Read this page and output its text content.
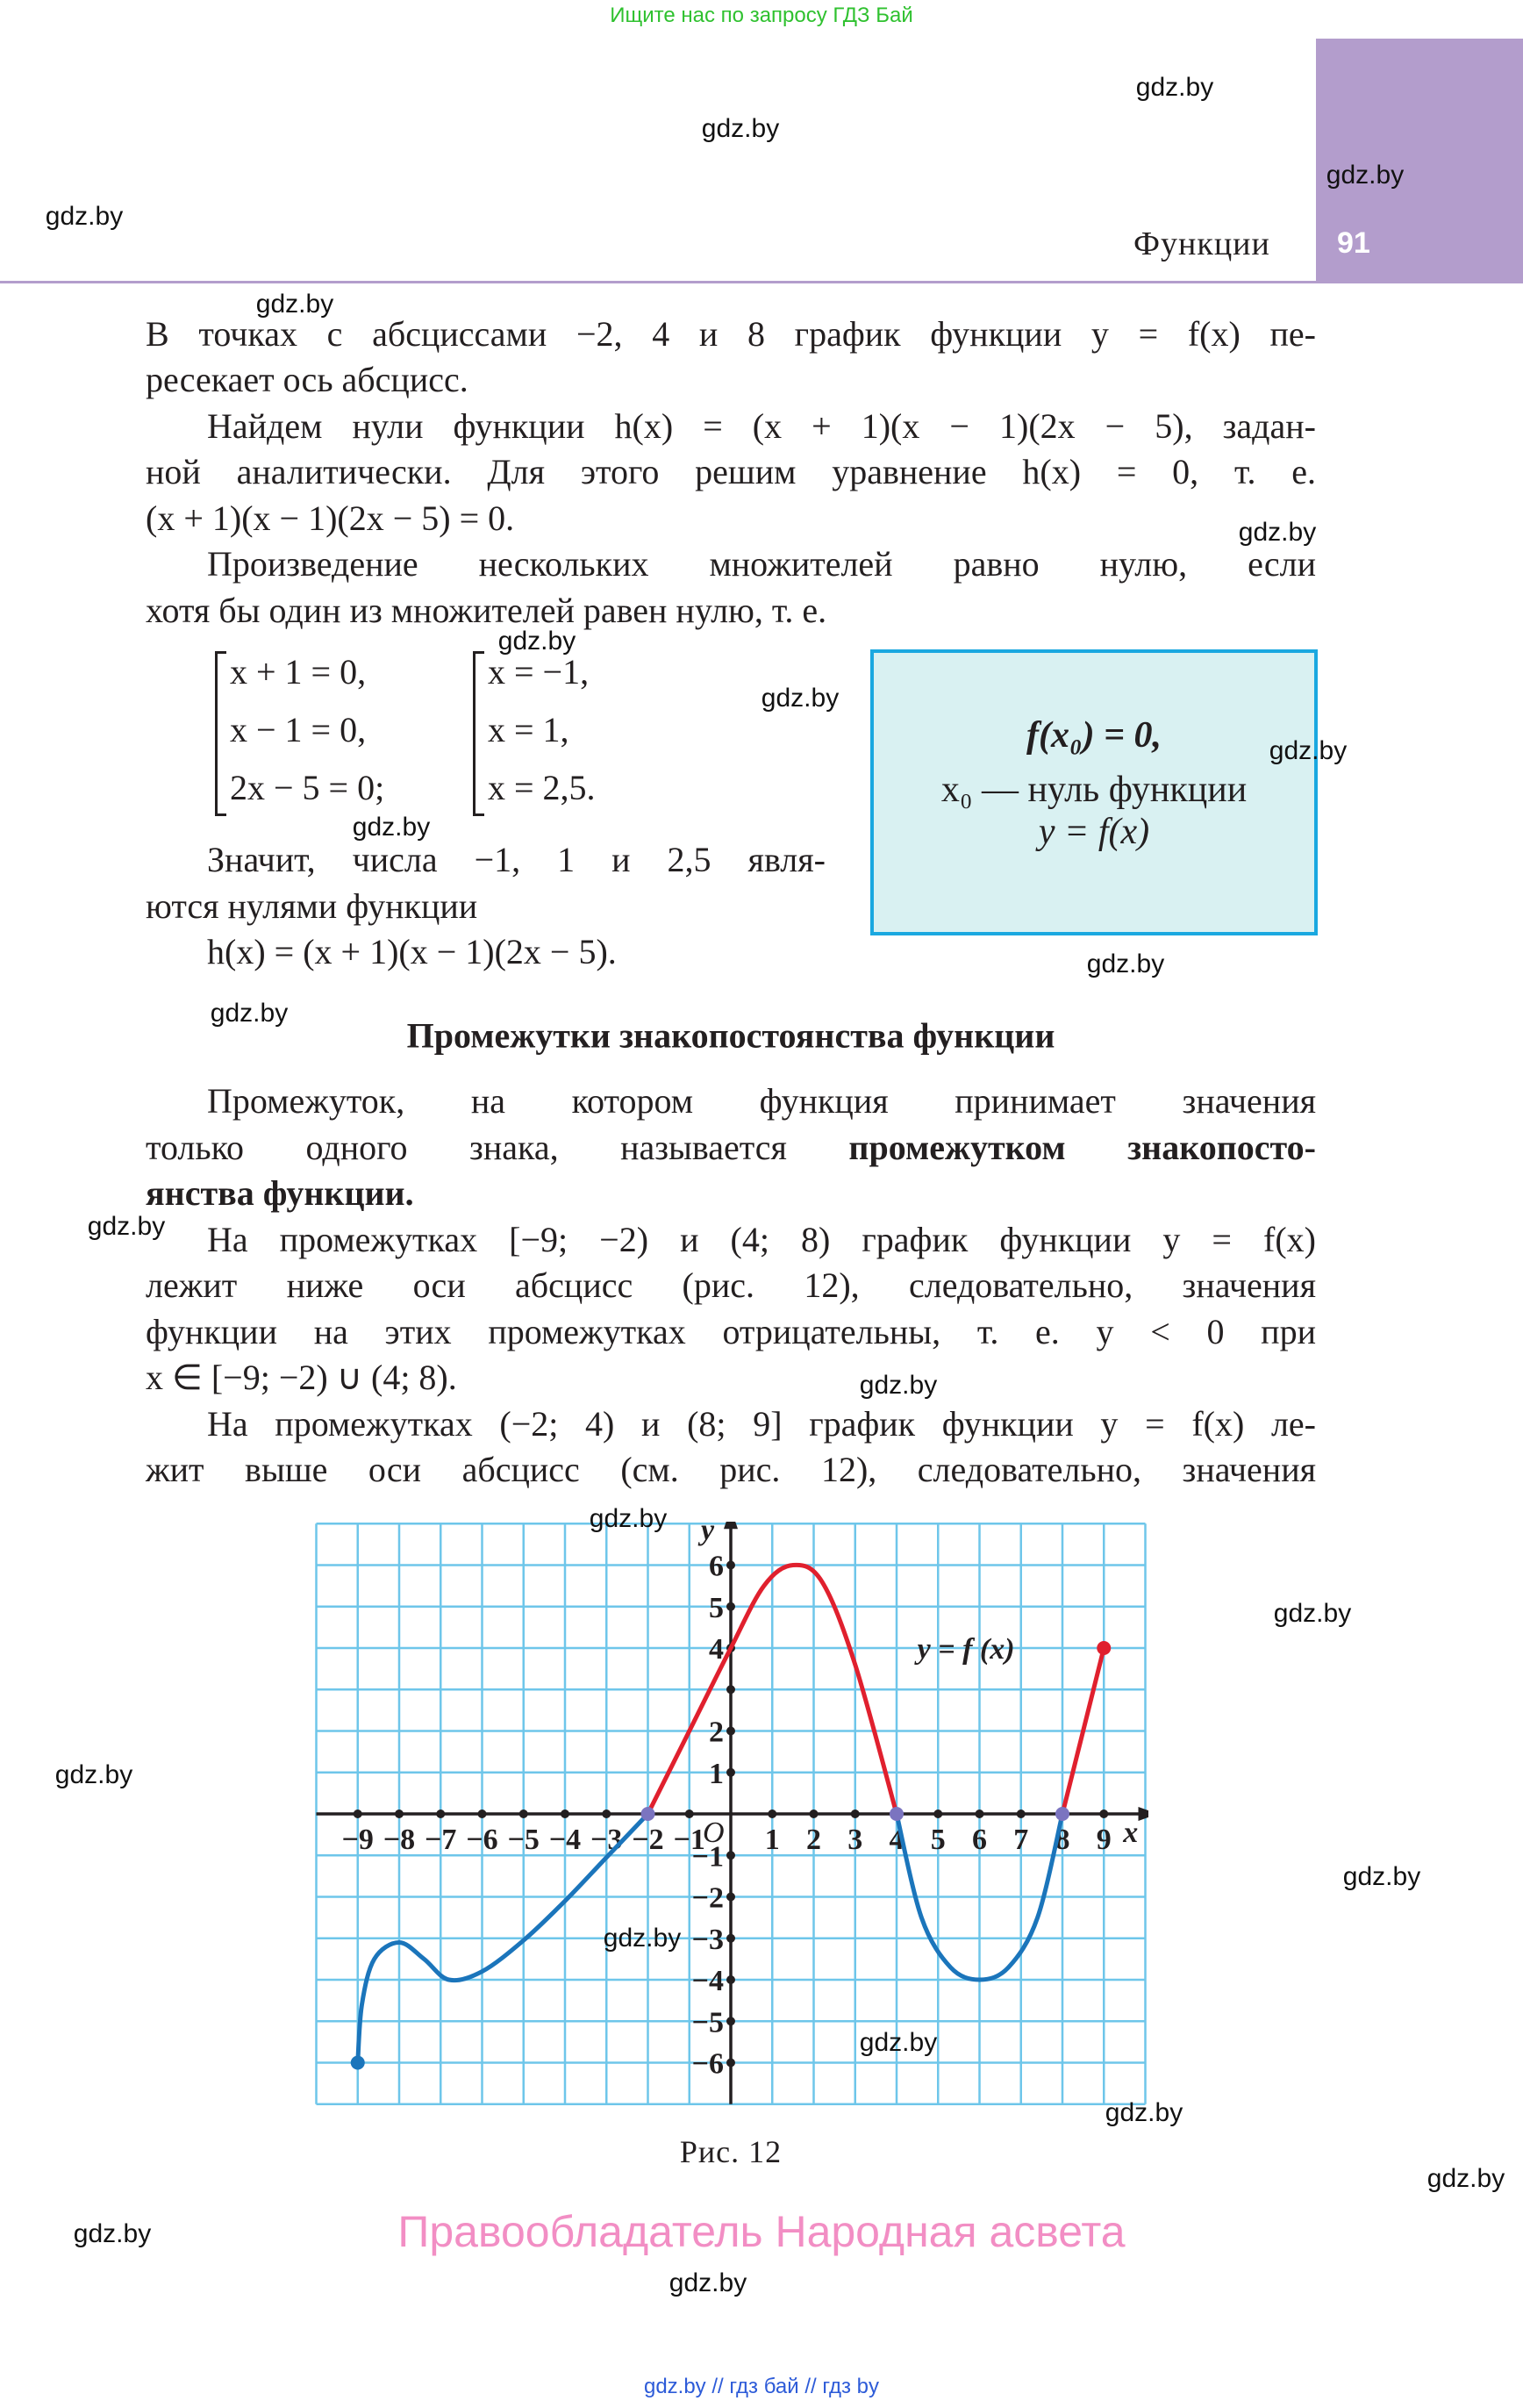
Ищите нас по запросу ГДЗ Бай
Функции 91
В точках с абсциссами −2, 4 и 8 график функции y = f(x) пе-
ресекает ось абсцисс.
Найдем нули функции h(x) = (x + 1)(x − 1)(2x − 5), задан-
ной аналитически. Для этого решим уравнение h(x) = 0, т. е.
(x + 1)(x − 1)(2x − 5) = 0.
Произведение нескольких множителей равно нулю, если
хотя бы один из множителей равен нулю, т. е.
x + 1 = 0,
x − 1 = 0,
2x − 5 = 0;
x = −1,
x = 1,
x = 2,5.
Значит, числа −1, 1 и 2,5 явля-
ются нулями функции
h(x) = (x + 1)(x − 1)(2x − 5).
f(x₀) = 0,
x₀ — нуль функции
y = f(x)
Промежутки знакопостоянства функции
Промежуток, на котором функция принимает значения
только одного знака, называется промежутком знакопосто-
янства функции.
На промежутках [−9; −2) и (4; 8) график функции y = f(x)
лежит ниже оси абсцисс (рис. 12), следовательно, значения
функции на этих промежутках отрицательны, т. е. y < 0 при
x ∈ [−9; −2) ∪ (4; 8).
На промежутках (−2; 4) и (8; 9] график функции y = f(x) ле-
жит выше оси абсцисс (см. рис. 12), следовательно, значения
−9 −8 −7 −6 −5 −4 −3 −2 −1 1 2 3 4 5 6 7 8 9
6
5
4
2
1
−1
−2
−3
−4
−5
−6
O	x
y
y = f (x)
Рис. 12
Правообладатель Народная асвета
gdz.by // гдз бай // гдз by
gdz.by
gdz.by
gdz.by
gdz.by
gdz.by
gdz.by
gdz.by
gdz.by
gdz.by
gdz.by
gdz.by
gdz.by
gdz.by
gdz.by
gdz.by
gdz.by
gdz.by
gdz.by
gdz.by
gdz.by
gdz.by
gdz.by
gdz.by
gdz.by
